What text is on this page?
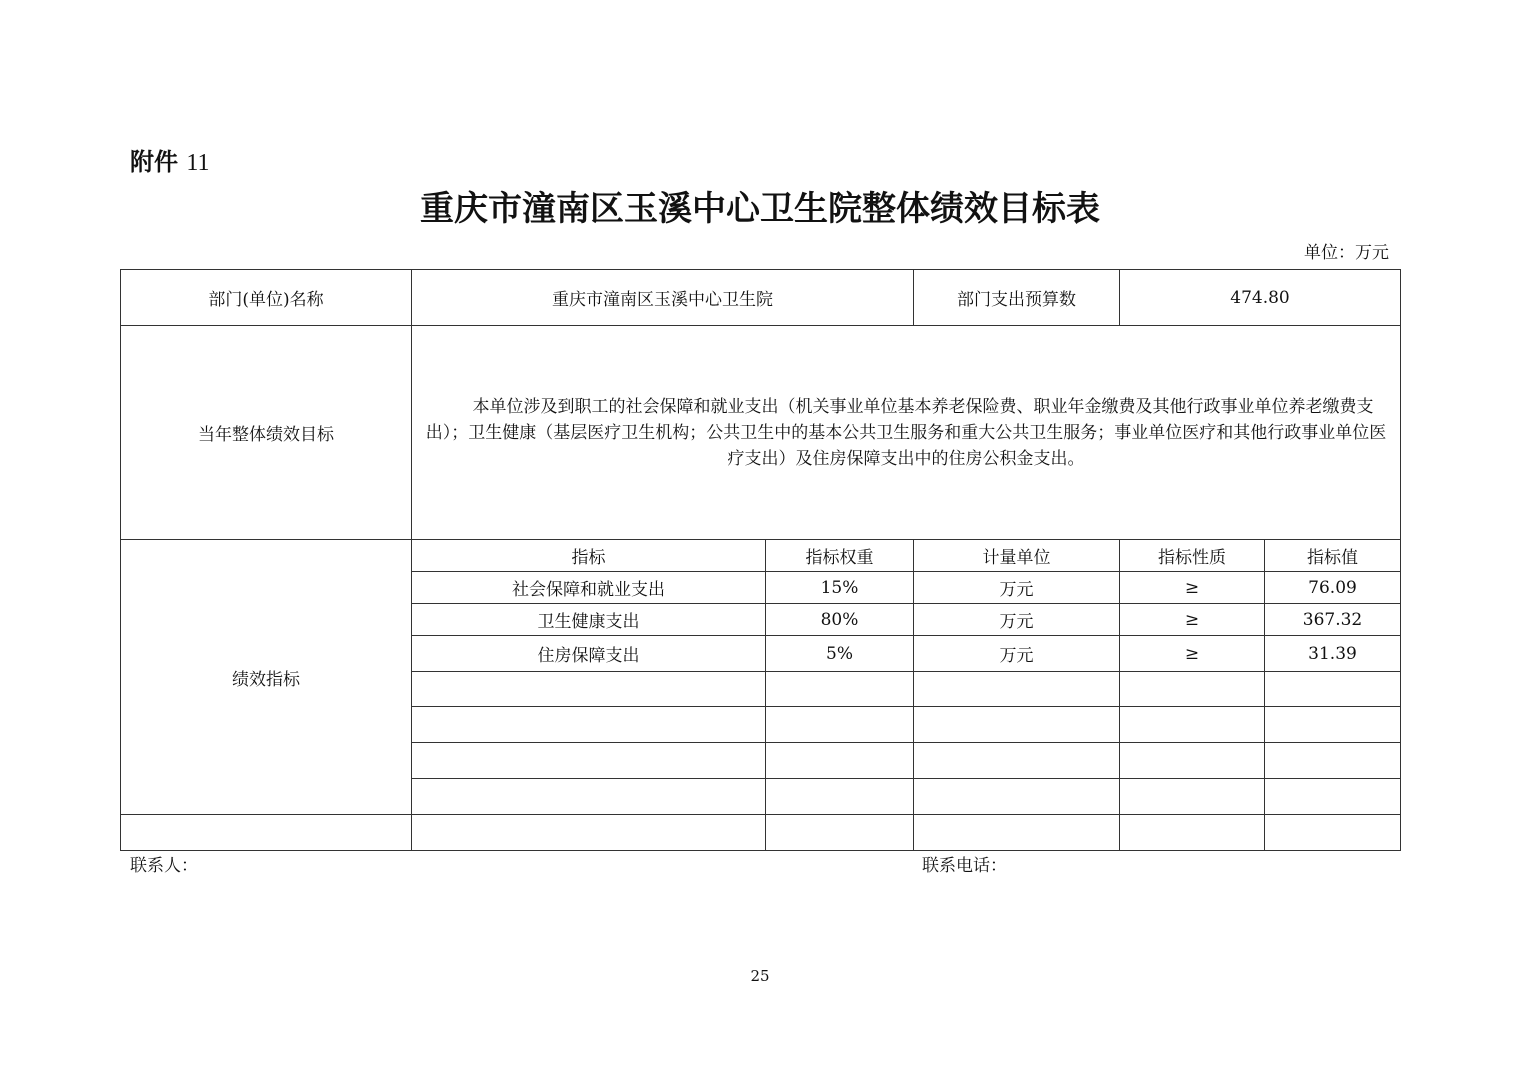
附件 11
重庆市潼南区玉溪中心卫生院整体绩效目标表
单位：万元
部门(单位)名称	重庆市潼南区玉溪中心卫生院		部门支出预算数	474.80	
当年整体绩效目标	本单位涉及到职工的社会保障和就业支出（机关事业单位基本养老保险费、职业年金缴费及其他行政事业单位养老缴费支出）；卫生健康（基层医疗卫生机构；公共卫生中的基本公共卫生服务和重大公共卫生服务；事业单位医疗和其他行政事业单位医疗支出）及住房保障支出中的住房公积金支出。				

绩效指标	指标	指标权重	计量单位	指标性质	指标值
	社会保障和就业支出	15%	万元	≥	76.09
	卫生健康支出	80%	万元	≥	367.32
	住房保障支出	5%	万元	≥	31.39

联系人：	联系电话：
25
